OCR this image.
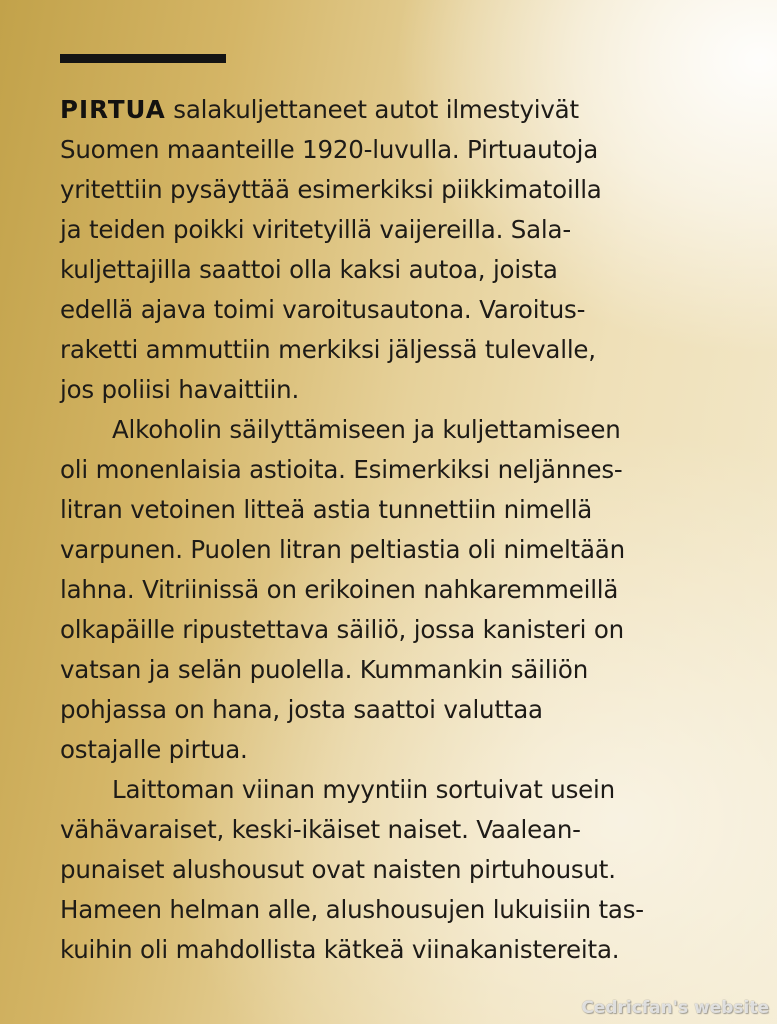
PIRTUA salakuljettaneet autot ilmestyivät
Suomen maanteille 1920-luvulla. Pirtuautoja
yritettiin pysäyttää esimerkiksi piikkimatoilla
ja teiden poikki viritetyillä vaijereilla. Sala-
kuljettajilla saattoi olla kaksi autoa, joista
edellä ajava toimi varoitusautona. Varoitus-
raketti ammuttiin merkiksi jäljessä tulevalle,
jos poliisi havaittiin.
Alkoholin säilyttämiseen ja kuljettamiseen
oli monenlaisia astioita. Esimerkiksi neljännes-
litran vetoinen litteä astia tunnettiin nimellä
varpunen. Puolen litran peltiastia oli nimeltään
lahna. Vitriinissä on erikoinen nahkaremmeillä
olkapäille ripustettava säiliö, jossa kanisteri on
vatsan ja selän puolella. Kummankin säiliön
pohjassa on hana, josta saattoi valuttaa
ostajalle pirtua.
Laittoman viinan myyntiin sortuivat usein
vähävaraiset, keski-ikäiset naiset. Vaalean-
punaiset alushousut ovat naisten pirtuhousut.
Hameen helman alle, alushousujen lukuisiin tas-
kuihin oli mahdollista kätkeä viinakanistereita.
Cedricfan's website
